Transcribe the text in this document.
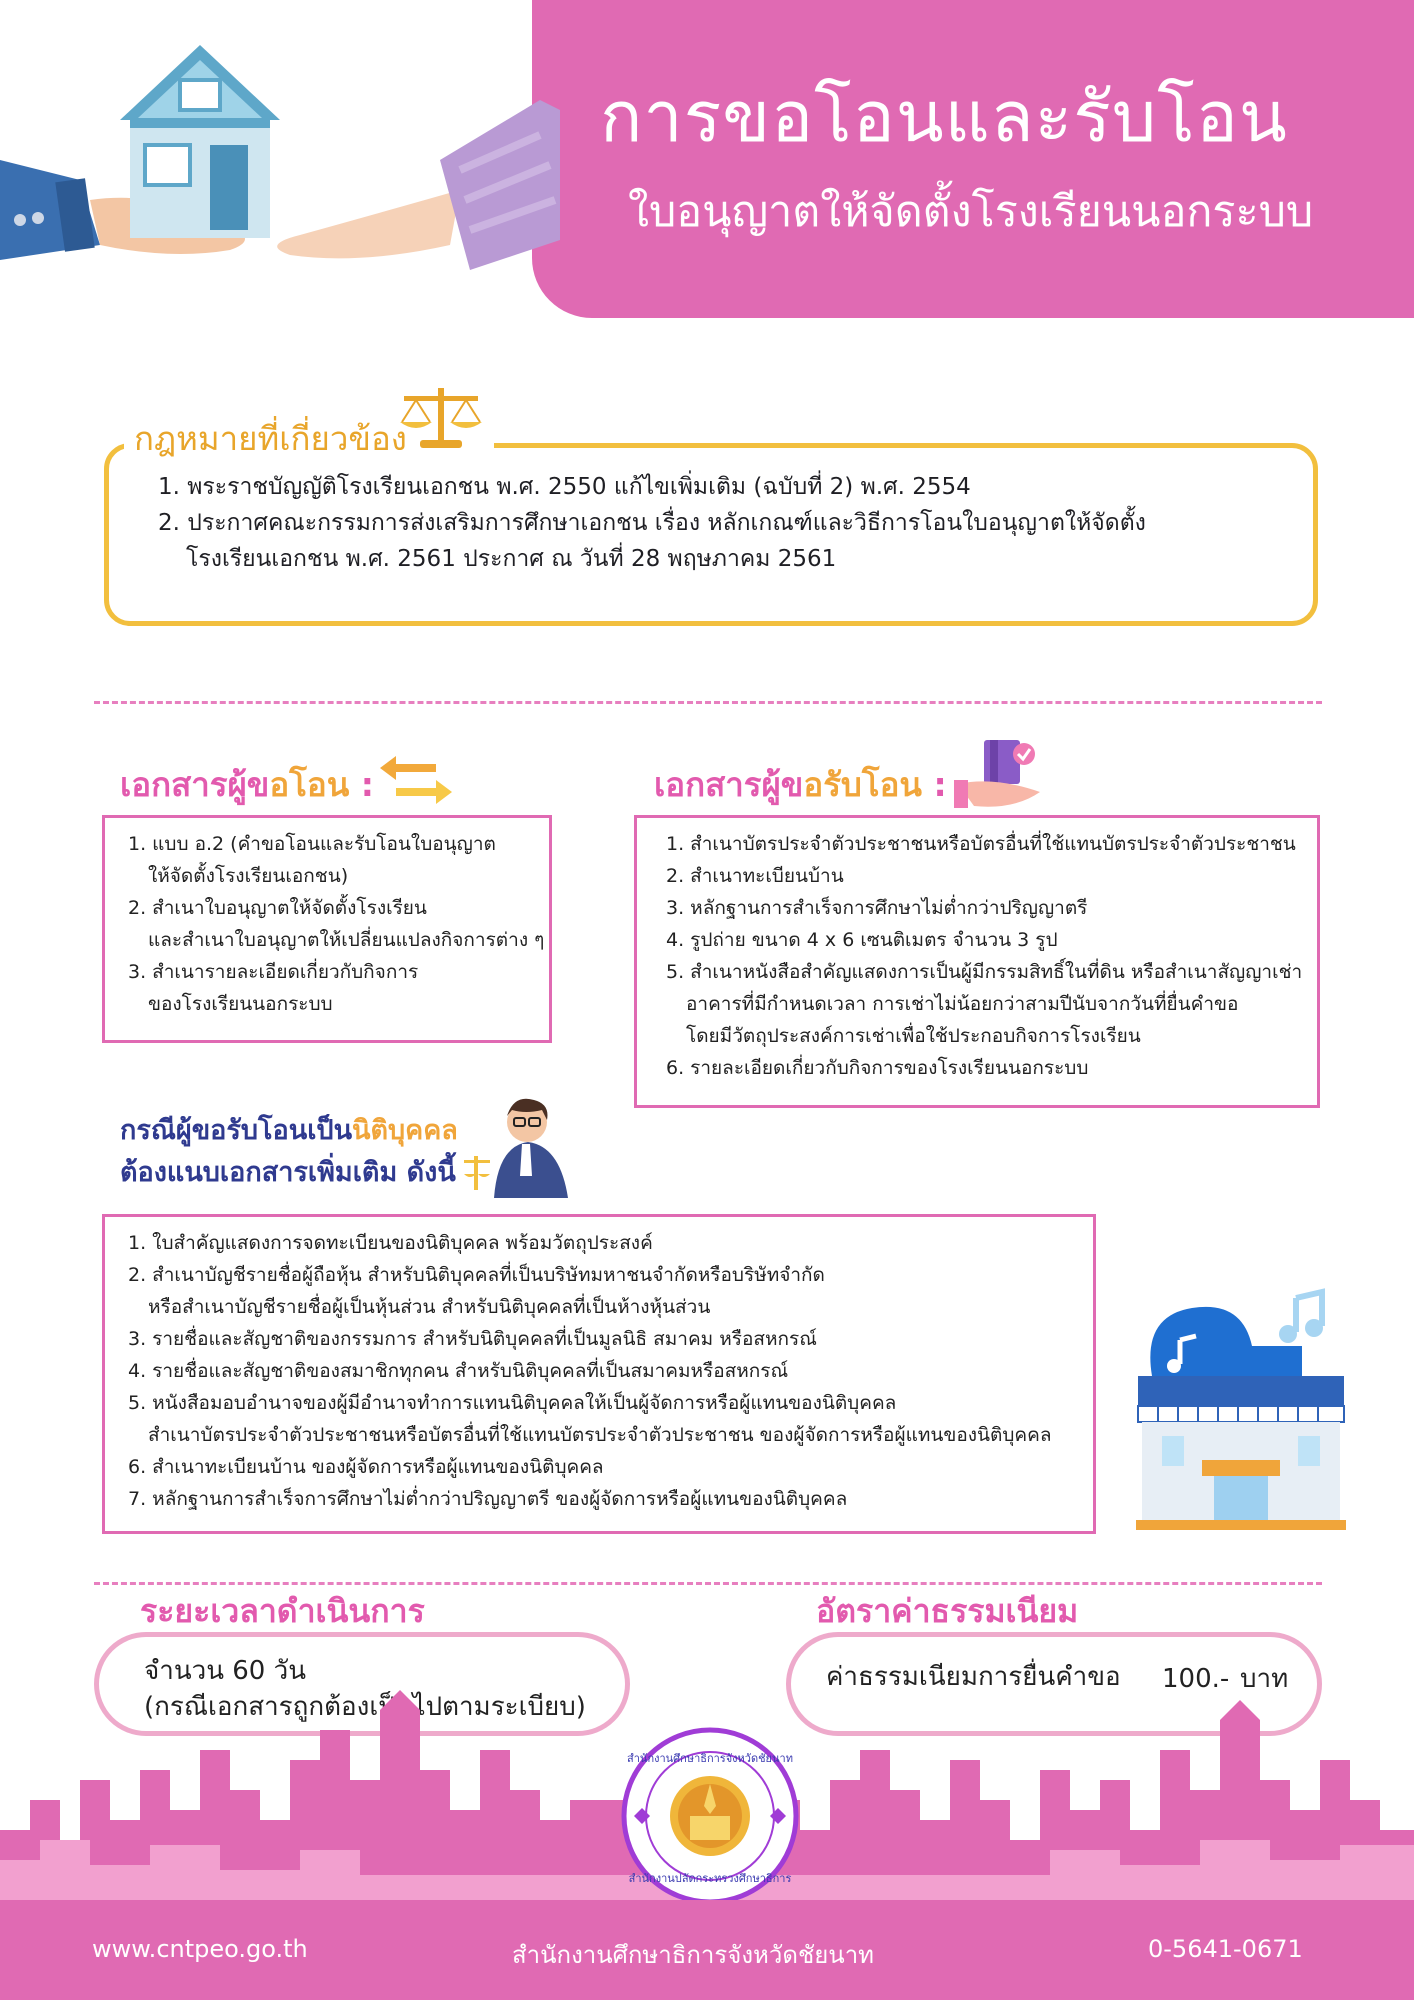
การขอโอนและรับโอน
ใบอนุญาตให้จัดตั้งโรงเรียนนอกระบบ
กฎหมายที่เกี่ยวข้อง
1. พระราชบัญญัติโรงเรียนเอกชน พ.ศ. 2550 แก้ไขเพิ่มเติม (ฉบับที่ 2) พ.ศ. 2554
2. ประกาศคณะกรรมการส่งเสริมการศึกษาเอกชน เรื่อง หลักเกณฑ์และวิธีการโอนใบอนุญาตให้จัดตั้ง
โรงเรียนเอกชน พ.ศ. 2561 ประกาศ ณ วันที่ 28 พฤษภาคม 2561
เอกสารผู้ขอโอน :
1. แบบ อ.2 (คำขอโอนและรับโอนใบอนุญาต
ให้จัดตั้งโรงเรียนเอกชน)
2. สำเนาใบอนุญาตให้จัดตั้งโรงเรียน
และสำเนาใบอนุญาตให้เปลี่ยนแปลงกิจการต่าง ๆ
3. สำเนารายละเอียดเกี่ยวกับกิจการ
ของโรงเรียนนอกระบบ
เอกสารผู้ขอรับโอน :
1. สำเนาบัตรประจำตัวประชาชนหรือบัตรอื่นที่ใช้แทนบัตรประจำตัวประชาชน
2. สำเนาทะเบียนบ้าน
3. หลักฐานการสำเร็จการศึกษาไม่ต่ำกว่าปริญญาตรี
4. รูปถ่าย ขนาด 4 x 6 เซนติเมตร จำนวน 3 รูป
5. สำเนาหนังสือสำคัญแสดงการเป็นผู้มีกรรมสิทธิ์ในที่ดิน หรือสำเนาสัญญาเช่า
อาคารที่มีกำหนดเวลา การเช่าไม่น้อยกว่าสามปีนับจากวันที่ยื่นคำขอ
โดยมีวัตถุประสงค์การเช่าเพื่อใช้ประกอบกิจการโรงเรียน
6. รายละเอียดเกี่ยวกับกิจการของโรงเรียนนอกระบบ
กรณีผู้ขอรับโอนเป็นนิติบุคคล
ต้องแนบเอกสารเพิ่มเติม ดังนี้
1. ใบสำคัญแสดงการจดทะเบียนของนิติบุคคล พร้อมวัตถุประสงค์
2. สำเนาบัญชีรายชื่อผู้ถือหุ้น สำหรับนิติบุคคลที่เป็นบริษัทมหาชนจำกัดหรือบริษัทจำกัด
หรือสำเนาบัญชีรายชื่อผู้เป็นหุ้นส่วน สำหรับนิติบุคคลที่เป็นห้างหุ้นส่วน
3. รายชื่อและสัญชาติของกรรมการ สำหรับนิติบุคคลที่เป็นมูลนิธิ สมาคม หรือสหกรณ์
4. รายชื่อและสัญชาติของสมาชิกทุกคน สำหรับนิติบุคคลที่เป็นสมาคมหรือสหกรณ์
5. หนังสือมอบอำนาจของผู้มีอำนาจทำการแทนนิติบุคคลให้เป็นผู้จัดการหรือผู้แทนของนิติบุคคล
สำเนาบัตรประจำตัวประชาชนหรือบัตรอื่นที่ใช้แทนบัตรประจำตัวประชาชน ของผู้จัดการหรือผู้แทนของนิติบุคคล
6. สำเนาทะเบียนบ้าน ของผู้จัดการหรือผู้แทนของนิติบุคคล
7. หลักฐานการสำเร็จการศึกษาไม่ต่ำกว่าปริญญาตรี ของผู้จัดการหรือผู้แทนของนิติบุคคล
ระยะเวลาดำเนินการ
จำนวน 60 วัน
(กรณีเอกสารถูกต้องเป็นไปตามระเบียบ)
อัตราค่าธรรมเนียม
ค่าธรรมเนียมการยื่นคำขอ 100.- บาท
สำนักงานศึกษาธิการจังหวัดชัยนาท
สำนักงานปลัดกระทรวงศึกษาธิการ
www.cntpeo.go.th	สำนักงานศึกษาธิการจังหวัดชัยนาท	0-5641-0671
